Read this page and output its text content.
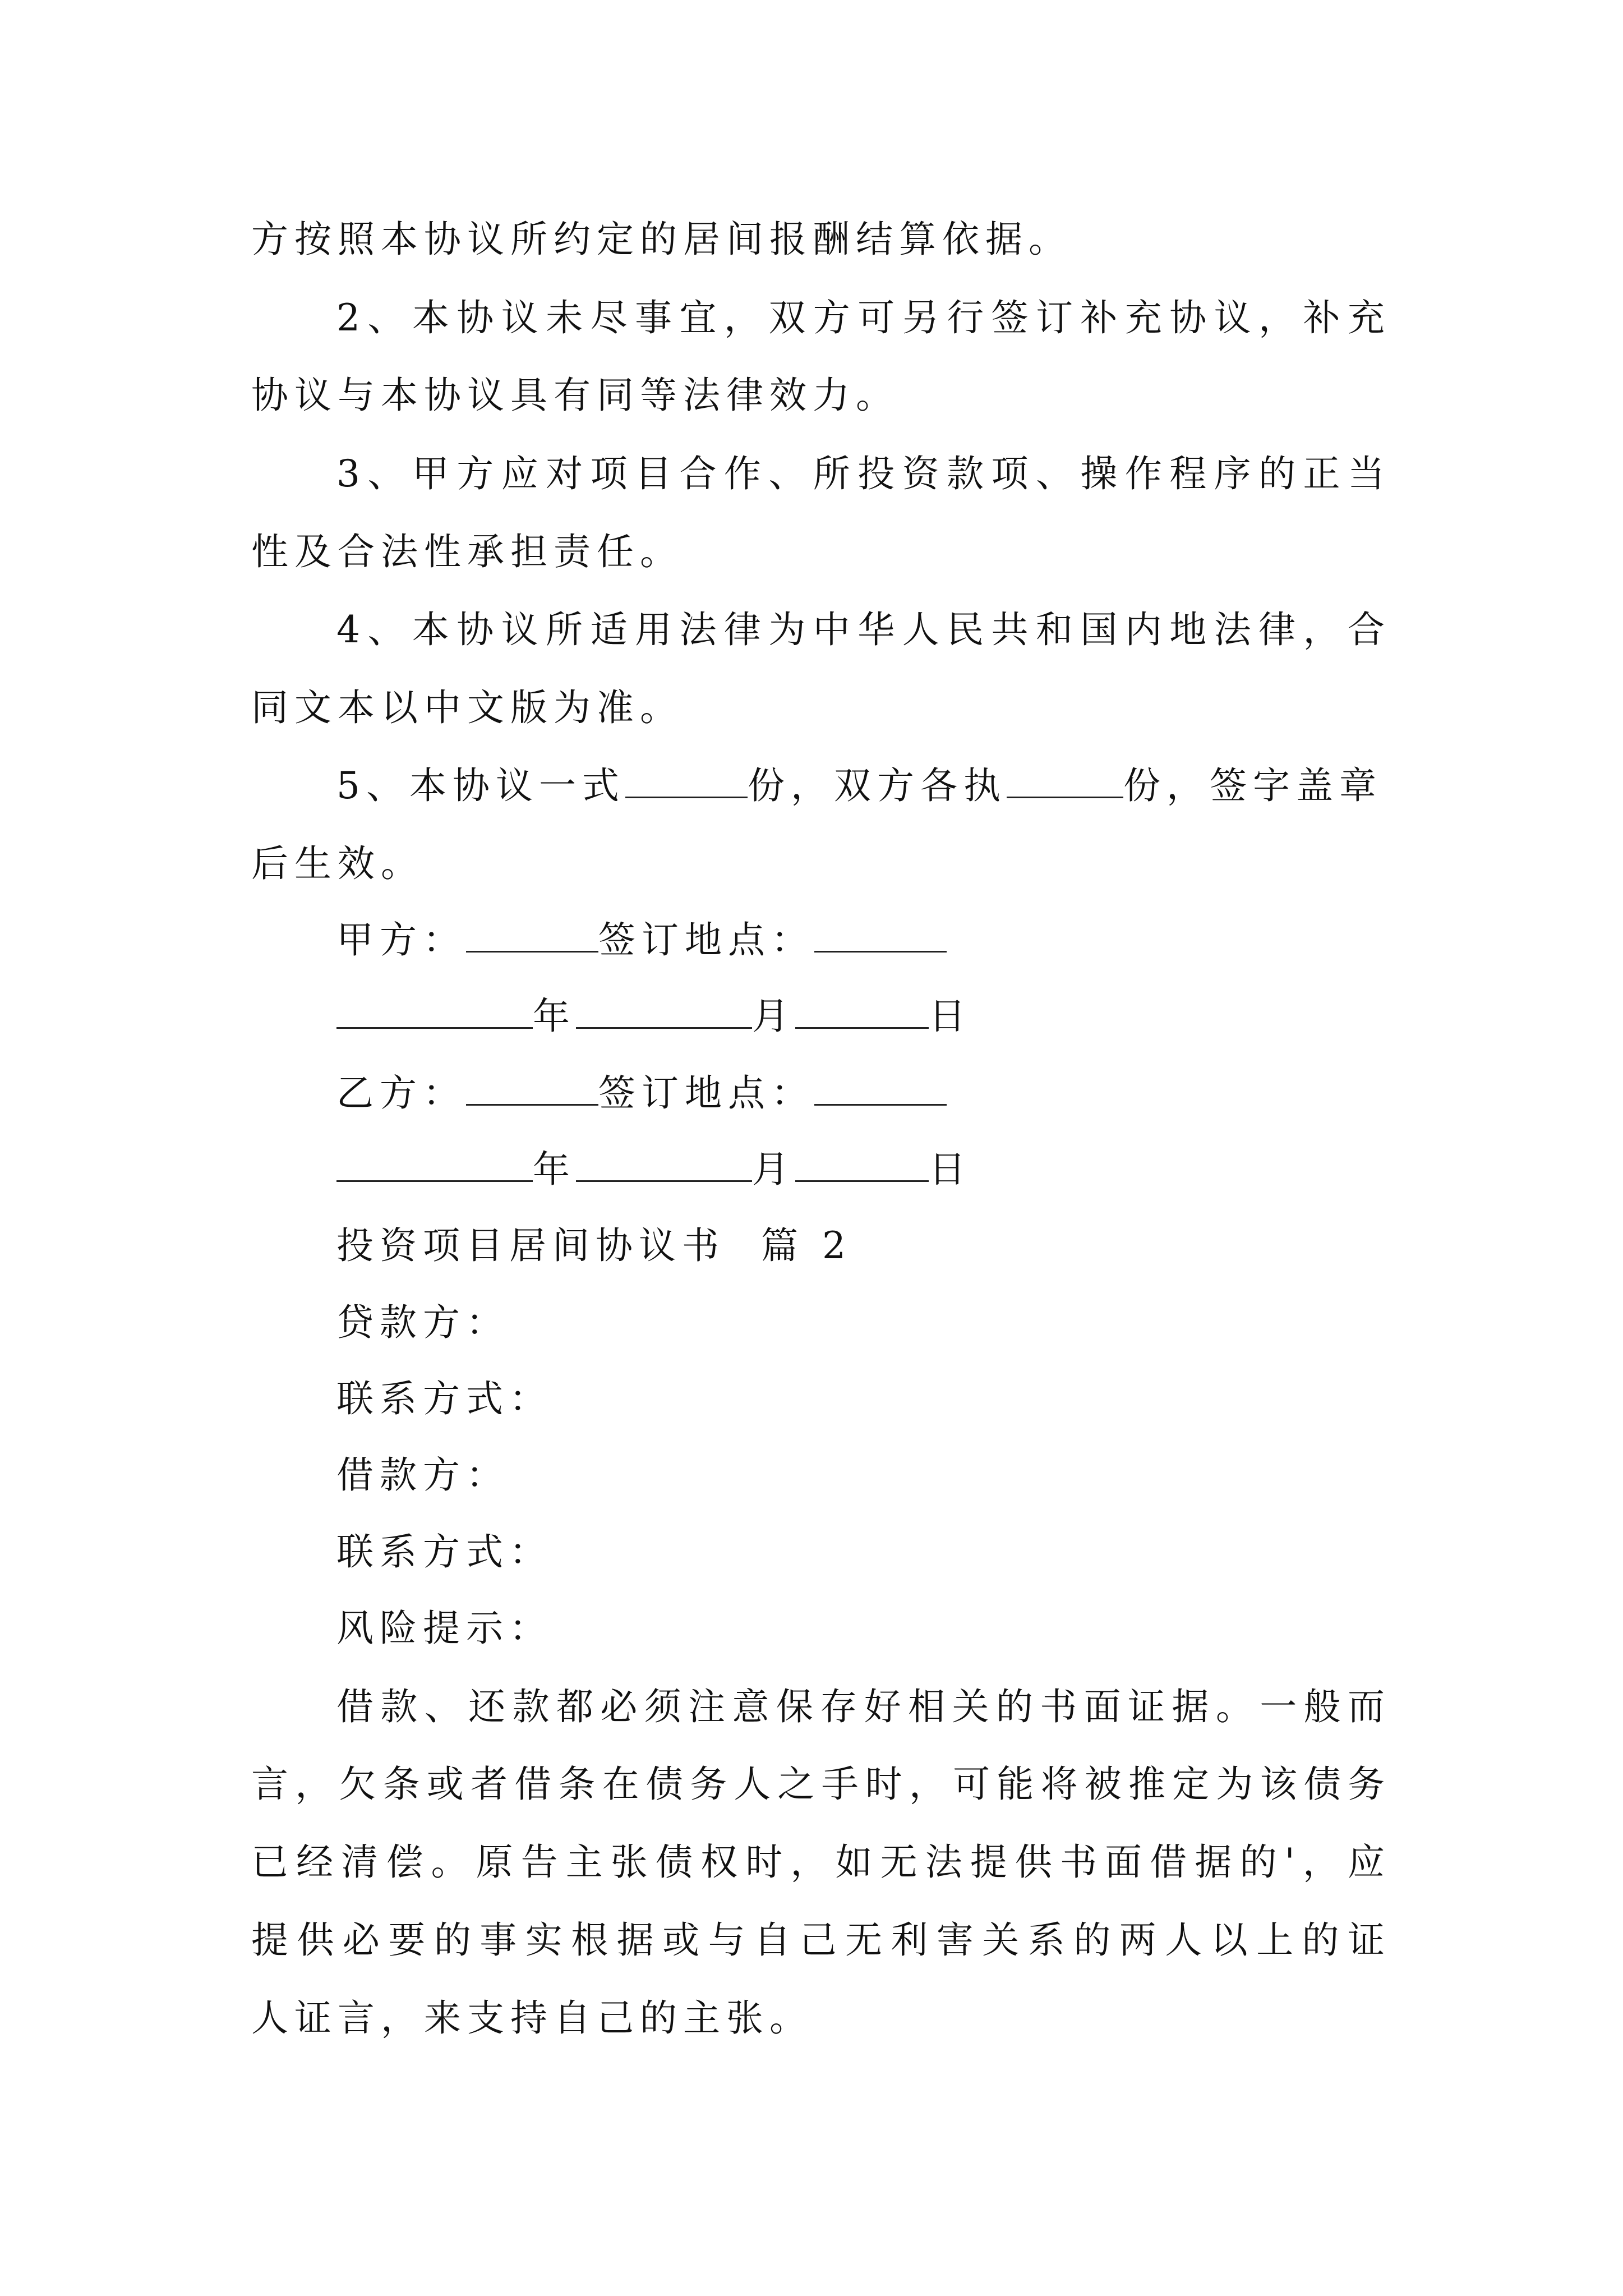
方按照本协议所约定的居间报酬结算依据。
2、本协议未尽事宜，双方可另行签订补充协议，补充
协议与本协议具有同等法律效力。
3、甲方应对项目合作、所投资款项、操作程序的正当
性及合法性承担责任。
4、本协议所适用法律为中华人民共和国内地法律，合
同文本以中文版为准。
5、本协议一式	份，双方各执	份，签字盖章
后生效。
甲方：	签订地点：
年	月	日
乙方：	签订地点：
年	月	日
投资项目居间协议书  篇 2
贷款方：
联系方式：
借款方：
联系方式：
风险提示：
借款、还款都必须注意保存好相关的书面证据。一般而
言，欠条或者借条在债务人之手时，可能将被推定为该债务
已经清偿。原告主张债权时，如无法提供书面借据的'，应
提供必要的事实根据或与自己无利害关系的两人以上的证
人证言，来支持自己的主张。
